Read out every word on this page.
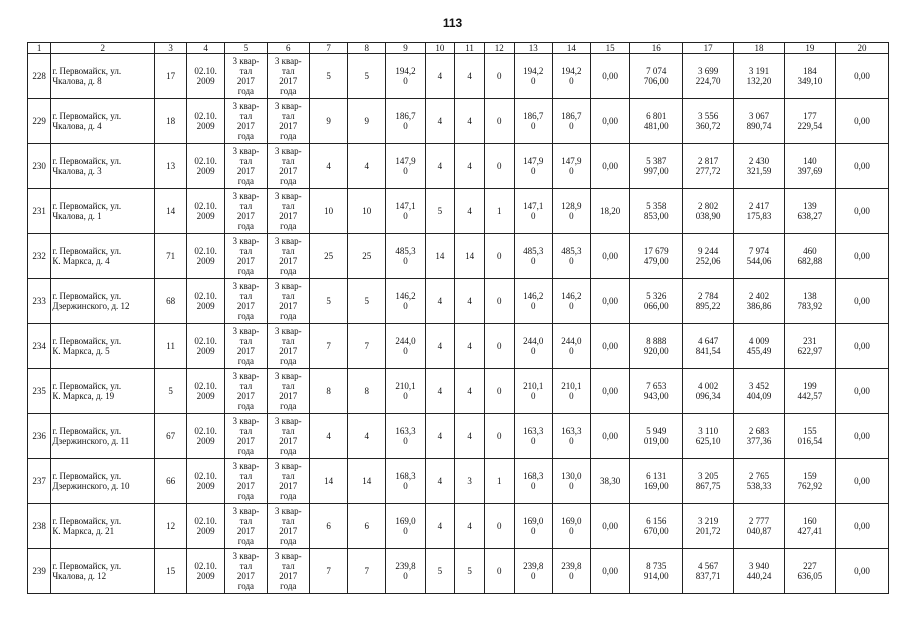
113
1	2	3	4	5	6	7	8	9	10	11	12	13	14	15	16	17	18	19	20

228	г. Первомайск, ул.
Чкалова, д. 8	17	02.10.
2009	3 квар-
тал
2017
года	3 квар-
тал
2017
года	5	5	194,2
0	4	4	0	194,2
0	194,2
0	0,00	7 074
706,00	3 699
224,70	3 191
132,20	184
349,10	0,00

229	г. Первомайск, ул.
Чкалова, д. 4	18	02.10.
2009	3 квар-
тал
2017
года	3 квар-
тал
2017
года	9	9	186,7
0	4	4	0	186,7
0	186,7
0	0,00	6 801
481,00	3 556
360,72	3 067
890,74	177
229,54	0,00

230	г. Первомайск, ул.
Чкалова, д. 3	13	02.10.
2009	3 квар-
тал
2017
года	3 квар-
тал
2017
года	4	4	147,9
0	4	4	0	147,9
0	147,9
0	0,00	5 387
997,00	2 817
277,72	2 430
321,59	140
397,69	0,00

231	г. Первомайск, ул.
Чкалова, д. 1	14	02.10.
2009	3 квар-
тал
2017
года	3 квар-
тал
2017
года	10	10	147,1
0	5	4	1	147,1
0	128,9
0	18,20	5 358
853,00	2 802
038,90	2 417
175,83	139
638,27	0,00

232	г. Первомайск, ул.
К. Маркса, д. 4	71	02.10.
2009	3 квар-
тал
2017
года	3 квар-
тал
2017
года	25	25	485,3
0	14	14	0	485,3
0	485,3
0	0,00	17 679
479,00	9 244
252,06	7 974
544,06	460
682,88	0,00

233	г. Первомайск, ул.
Дзержинского, д. 12	68	02.10.
2009	3 квар-
тал
2017
года	3 квар-
тал
2017
года	5	5	146,2
0	4	4	0	146,2
0	146,2
0	0,00	5 326
066,00	2 784
895,22	2 402
386,86	138
783,92	0,00

234	г. Первомайск, ул.
К. Маркса, д. 5	11	02.10.
2009	3 квар-
тал
2017
года	3 квар-
тал
2017
года	7	7	244,0
0	4	4	0	244,0
0	244,0
0	0,00	8 888
920,00	4 647
841,54	4 009
455,49	231
622,97	0,00

235	г. Первомайск, ул.
К. Маркса, д. 19	5	02.10.
2009	3 квар-
тал
2017
года	3 квар-
тал
2017
года	8	8	210,1
0	4	4	0	210,1
0	210,1
0	0,00	7 653
943,00	4 002
096,34	3 452
404,09	199
442,57	0,00

236	г. Первомайск, ул.
Дзержинского, д. 11	67	02.10.
2009	3 квар-
тал
2017
года	3 квар-
тал
2017
года	4	4	163,3
0	4	4	0	163,3
0	163,3
0	0,00	5 949
019,00	3 110
625,10	2 683
377,36	155
016,54	0,00

237	г. Первомайск, ул.
Дзержинского, д. 10	66	02.10.
2009	3 квар-
тал
2017
года	3 квар-
тал
2017
года	14	14	168,3
0	4	3	1	168,3
0	130,0
0	38,30	6 131
169,00	3 205
867,75	2 765
538,33	159
762,92	0,00

238	г. Первомайск, ул.
К. Маркса, д. 21	12	02.10.
2009	3 квар-
тал
2017
года	3 квар-
тал
2017
года	6	6	169,0
0	4	4	0	169,0
0	169,0
0	0,00	6 156
670,00	3 219
201,72	2 777
040,87	160
427,41	0,00

239	г. Первомайск, ул.
Чкалова, д. 12	15	02.10.
2009	3 квар-
тал
2017
года	3 квар-
тал
2017
года	7	7	239,8
0	5	5	0	239,8
0	239,8
0	0,00	8 735
914,00	4 567
837,71	3 940
440,24	227
636,05	0,00
